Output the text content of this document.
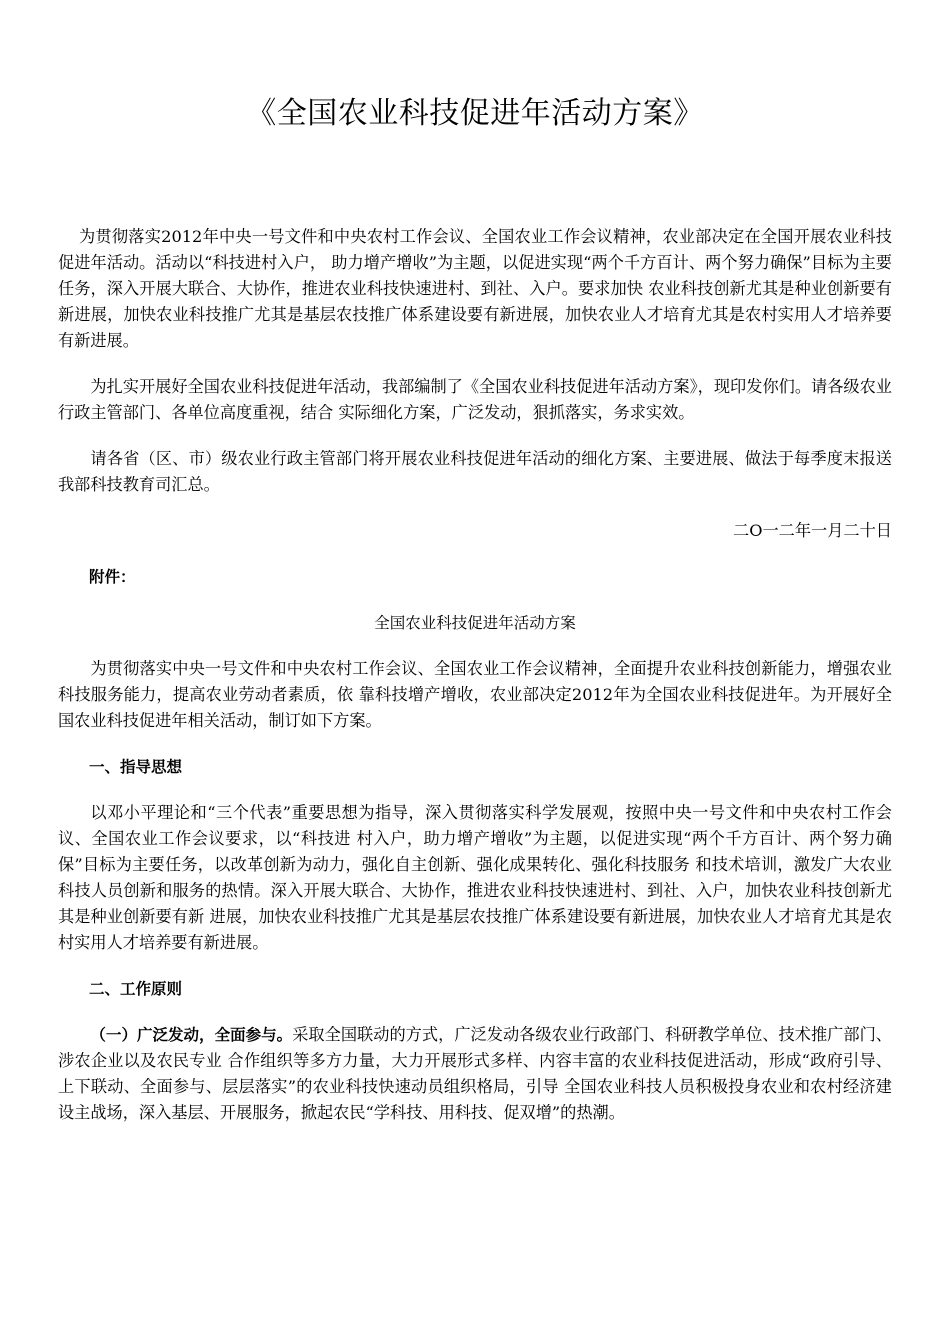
《全国农业科技促进年活动方案》

为贯彻落实2012年中央一号文件和中央农村工作会议、全国农业工作会议精神，农业部决定在全国开展农业科技促进年活动。活动以“科技进村入户， 助力增产增收”为主题，以促进实现“两个千方百计、两个努力确保”目标为主要任务，深入开展大联合、大协作，推进农业科技快速进村、到社、入户。要求加快 农业科技创新尤其是种业创新要有新进展，加快农业科技推广尤其是基层农技推广体系建设要有新进展，加快农业人才培育尤其是农村实用人才培养要有新进展。

为扎实开展好全国农业科技促进年活动，我部编制了《全国农业科技促进年活动方案》，现印发你们。请各级农业行政主管部门、各单位高度重视，结合 实际细化方案，广泛发动，狠抓落实，务求实效。

请各省（区、市）级农业行政主管部门将开展农业科技促进年活动的细化方案、主要进展、做法于每季度末报送我部科技教育司汇总。

二O一二年一月二十日

附件：

全国农业科技促进年活动方案

为贯彻落实中央一号文件和中央农村工作会议、全国农业工作会议精神，全面提升农业科技创新能力，增强农业科技服务能力，提高农业劳动者素质，依 靠科技增产增收，农业部决定2012年为全国农业科技促进年。为开展好全国农业科技促进年相关活动，制订如下方案。

一、指导思想

以邓小平理论和“三个代表”重要思想为指导，深入贯彻落实科学发展观，按照中央一号文件和中央农村工作会议、全国农业工作会议要求，以“科技进 村入户，助力增产增收”为主题，以促进实现“两个千方百计、两个努力确保”目标为主要任务，以改革创新为动力，强化自主创新、强化成果转化、强化科技服务 和技术培训，激发广大农业科技人员创新和服务的热情。深入开展大联合、大协作，推进农业科技快速进村、到社、入户，加快农业科技创新尤其是种业创新要有新 进展，加快农业科技推广尤其是基层农技推广体系建设要有新进展，加快农业人才培育尤其是农村实用人才培养要有新进展。

二、工作原则

（一）广泛发动，全面参与。采取全国联动的方式，广泛发动各级农业行政部门、科研教学单位、技术推广部门、涉农企业以及农民专业 合作组织等多方力量，大力开展形式多样、内容丰富的农业科技促进活动，形成“政府引导、上下联动、全面参与、层层落实”的农业科技快速动员组织格局，引导 全国农业科技人员积极投身农业和农村经济建设主战场，深入基层、开展服务，掀起农民“学科技、用科技、促双增”的热潮。
